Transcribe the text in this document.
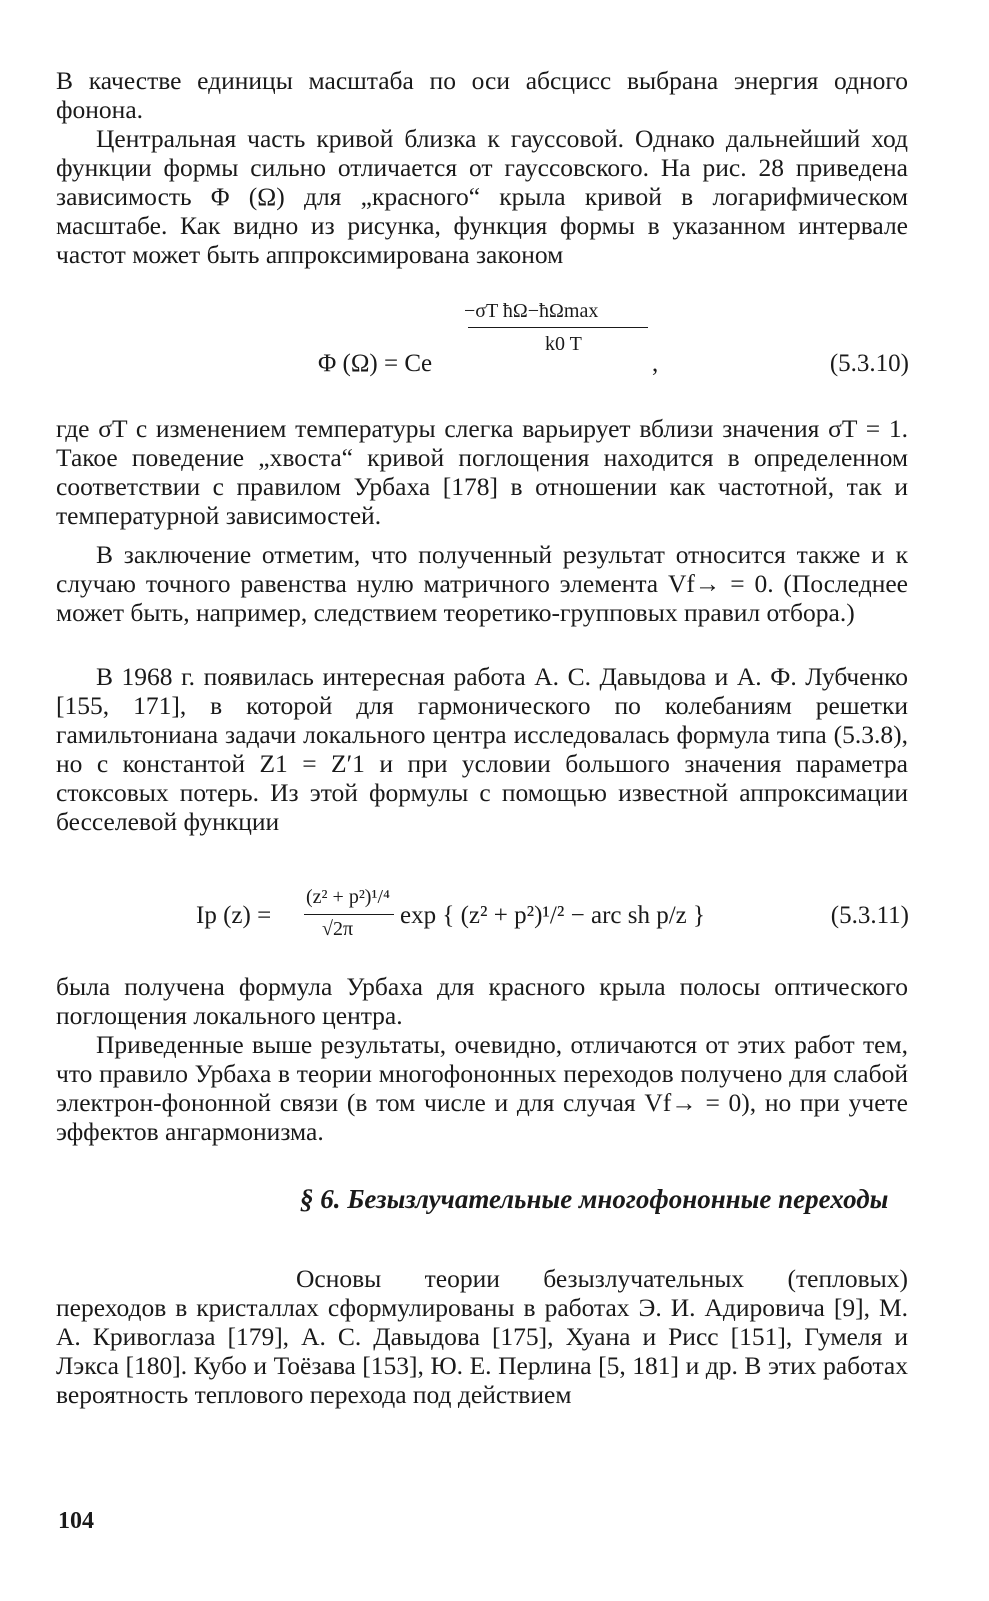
В качестве единицы масштаба по оси абсцисс выбрана энергия одного фонона.

Центральная часть кривой близка к гауссовой. Однако дальнейший ход функции формы сильно отличается от гауссовского. На рис. 28 приведена зависимость Φ (Ω) для „красного“ крыла кривой в логарифмическом масштабе. Как видно из рисунка, функция формы в указанном интервале частот может быть аппроксимирована законом

−σT ħΩ−ħΩmax
k0 T
Φ (Ω) = Ce	,	(5.3.10)

где σT с изменением температуры слегка варьирует вблизи значения σT = 1. Такое поведение „хвоста“ кривой поглощения находится в определенном соответствии с правилом Урбаха [178] в отношении как частотной, так и температурной зависимостей.

В заключение отметим, что полученный результат относится также и к случаю точного равенства нулю матричного элемента Vf→ = 0. (Последнее может быть, например, следствием теоретико-групповых правил отбора.)

В 1968 г. появилась интересная работа А. С. Давыдова и А. Ф. Лубченко [155, 171], в которой для гармонического по колебаниям решетки гамильтониана задачи локального центра исследовалась формула типа (5.3.8), но с константой Z1 = Z′1 и при условии большого значения параметра стоксовых потерь. Из этой формулы с помощью известной аппроксимации бесселевой функции

Ip (z) =
(z² + p²)¹/⁴
√2π exp { (z² + p²)¹/² − arc sh p/z }	(5.3.11)

была получена формула Урбаха для красного крыла полосы оптического поглощения локального центра.

Приведенные выше результаты, очевидно, отличаются от этих работ тем, что правило Урбаха в теории многофононных переходов получено для слабой электрон-фононной связи (в том числе и для случая Vf→ = 0), но при учете эффектов ангармонизма.

§ 6. Безызлучательные многофононные переходы

Основы теории безызлучательных (тепловых) переходов в кристаллах сформулированы в работах Э. И. Адировича [9], М. А. Кривоглаза [179], А. С. Давыдова [175], Хуана и Рисс [151], Гумеля и Лэкса [180]. Кубо и Тоёзава [153], Ю. Е. Перлина [5, 181] и др. В этих работах вероятность теплового перехода под действием

104
